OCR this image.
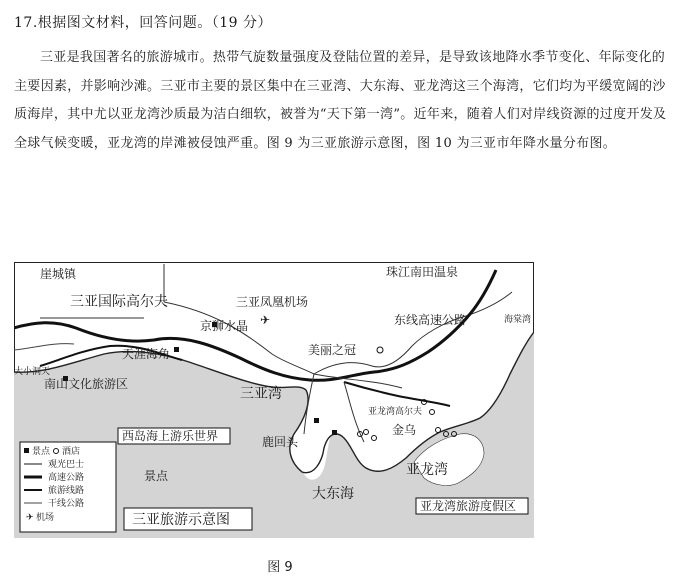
17.根据图文材料，回答问题。（19 分）

三亚是我国著名的旅游城市。热带气旋数量强度及登陆位置的差异，是导致该地降水季节变化、年际变化的主要因素，并影响沙滩。三亚市主要的景区集中在三亚湾、大东海、亚龙湾这三个海湾，它们均为平缓宽阔的沙质海岸，其中尤以亚龙湾沙质最为洁白细软，被誉为“天下第一湾”。近年来，随着人们对岸线资源的过度开发及全球气候变暖，亚龙湾的岸滩被侵蚀严重。图 9 为三亚旅游示意图，图 10 为三亚市年降水量分布图。

✈
崖城镇
三亚国际高尔夫	三亚凤凰机场
珠江南田温泉
京狮水晶	东线高速公路	海棠湾
天涯海角
大小洞天
南山文化旅游区
美丽之冠
三亚湾
西岛海上游乐世界	鹿回头
亚龙湾高尔夫
金乌
大东海
亚龙湾
亚龙湾旅游度假区
景点
景点 酒店
观光巴士
高速公路
旅游线路
干线公路
✈ 机场	三亚旅游示意图
图 9
